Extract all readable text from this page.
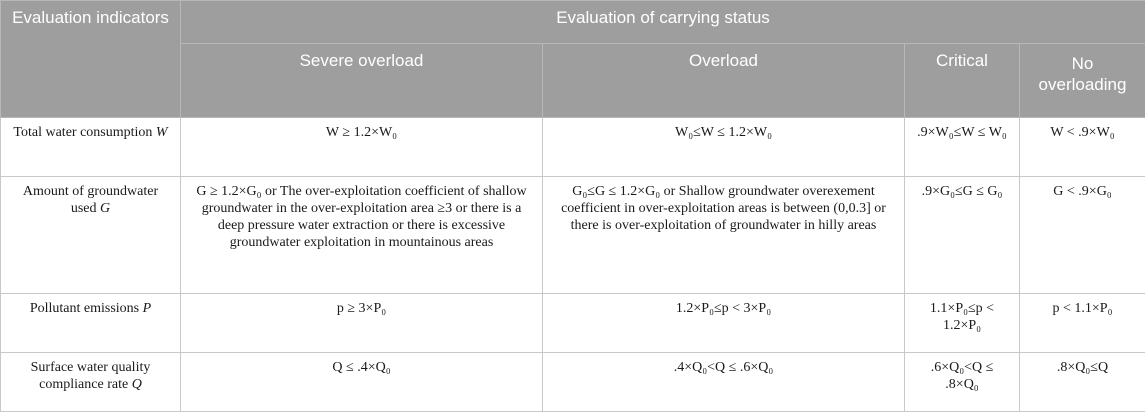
Evaluation indicators	Evaluation of carrying status			
	Severe overload	Overload	Critical	No overloading
Total water consumption W	W ≥ 1.2×W₀	W₀≤W ≤ 1.2×W₀	.9×W₀≤W ≤ W₀	W < .9×W₀
Amount of groundwater used G	G ≥ 1.2×G₀ or The over-exploitation coefficient of shallow groundwater in the over-exploitation area ≥3 or there is a deep pressure water extraction or there is excessive groundwater exploitation in mountainous areas	G₀≤G ≤ 1.2×G₀ or Shallow groundwater overexement coefficient in over-exploitation areas is between (0,0.3] or there is over-exploitation of groundwater in hilly areas	.9×G₀≤G ≤ G₀	G < .9×G₀
Pollutant emissions P	p ≥ 3×P₀	1.2×P₀≤p < 3×P₀	1.1×P₀≤p < 1.2×P₀	p < 1.1×P₀
Surface water quality compliance rate Q	Q ≤ .4×Q₀	.4×Q₀<Q ≤ .6×Q₀	.6×Q₀<Q ≤ .8×Q₀	.8×Q₀≤Q
